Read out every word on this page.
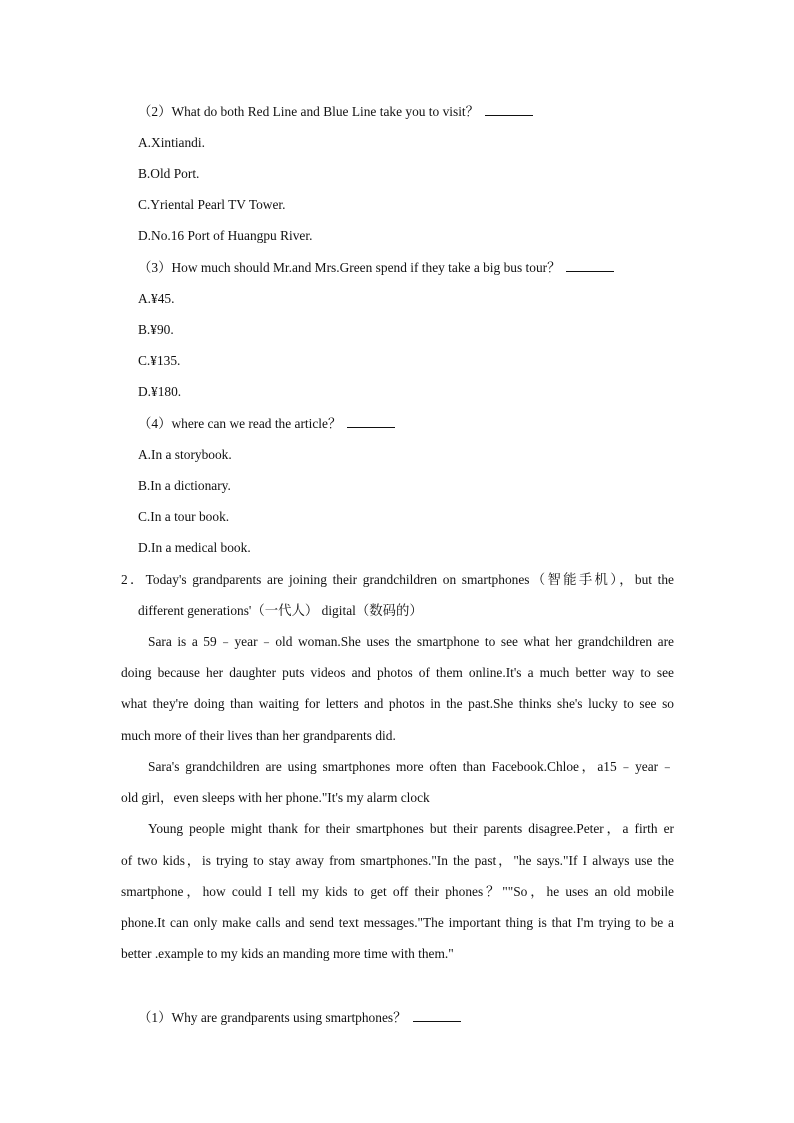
（2）What do both Red Line and Blue Line take you to visit？
A.Xintiandi.
B.Old Port.
C.Yriental Pearl TV Tower.
D.No.16 Port of Huangpu River.
（3）How much should Mr.and Mrs.Green spend if they take a big bus tour？
A.¥45.
B.¥90.
C.¥135.
D.¥180.
（4）where can we read the article？
A.In a storybook.
B.In a dictionary.
C.In a tour book.
D.In a medical book.
2．Today's grandparents are joining their grandchildren on smartphones（智能手机），but the
different generations'（一代人） digital（数码的）
Sara is a 59﹣year﹣old woman.She uses the smartphone to see what her grandchildren are
doing because her daughter puts videos and photos of them online.It's a much better way to see
what they're doing than waiting for letters and photos in the past.She thinks she's lucky to see so
much more of their lives than her grandparents did.
Sara's grandchildren are using smartphones more often than Facebook.Chloe，a15﹣year﹣
old girl，even sleeps with her phone."It's my alarm clock
Young people might thank for their smartphones but their parents disagree.Peter，a firth er
of two kids，is trying to stay away from smartphones."In the past，"he says."If I always use the
smartphone，how could I tell my kids to get off their phones？""So，he uses an old mobile
phone.It can only make calls and send text messages."The important thing is that I'm trying to be a
better .example to my kids an manding more time with them."
（1）Why are grandparents using smartphones？
